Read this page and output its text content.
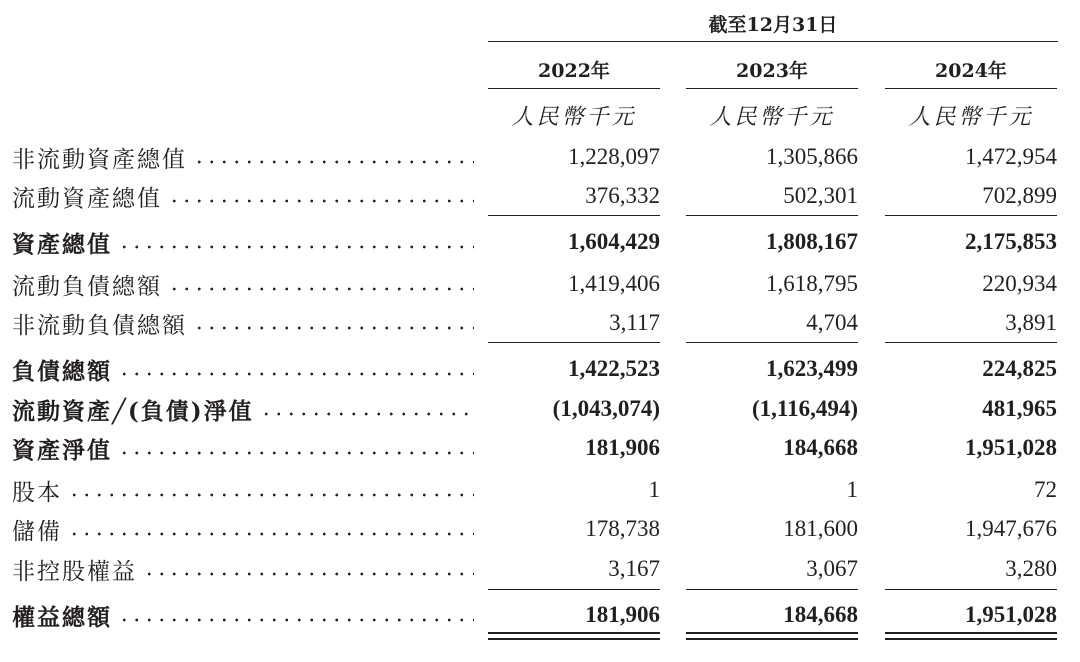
截至12月31日
2022年	2023年	2024年
人民幣千元	人民幣千元	人民幣千元
非流動資產總值	1,228,097	1,305,866	1,472,954
流動資產總值	376,332	502,301	702,899
資產總值	1,604,429	1,808,167	2,175,853
流動負債總額	1,419,406	1,618,795	220,934
非流動負債總額	3,117	4,704	3,891
負債總額	1,422,523	1,623,499	224,825
流動資產╱(負債)淨值	(1,043,074)	(1,116,494)	481,965
資產淨值	181,906	184,668	1,951,028
股本	1	1	72
儲備	178,738	181,600	1,947,676
非控股權益	3,167	3,067	3,280
權益總額	181,906	184,668	1,951,028
